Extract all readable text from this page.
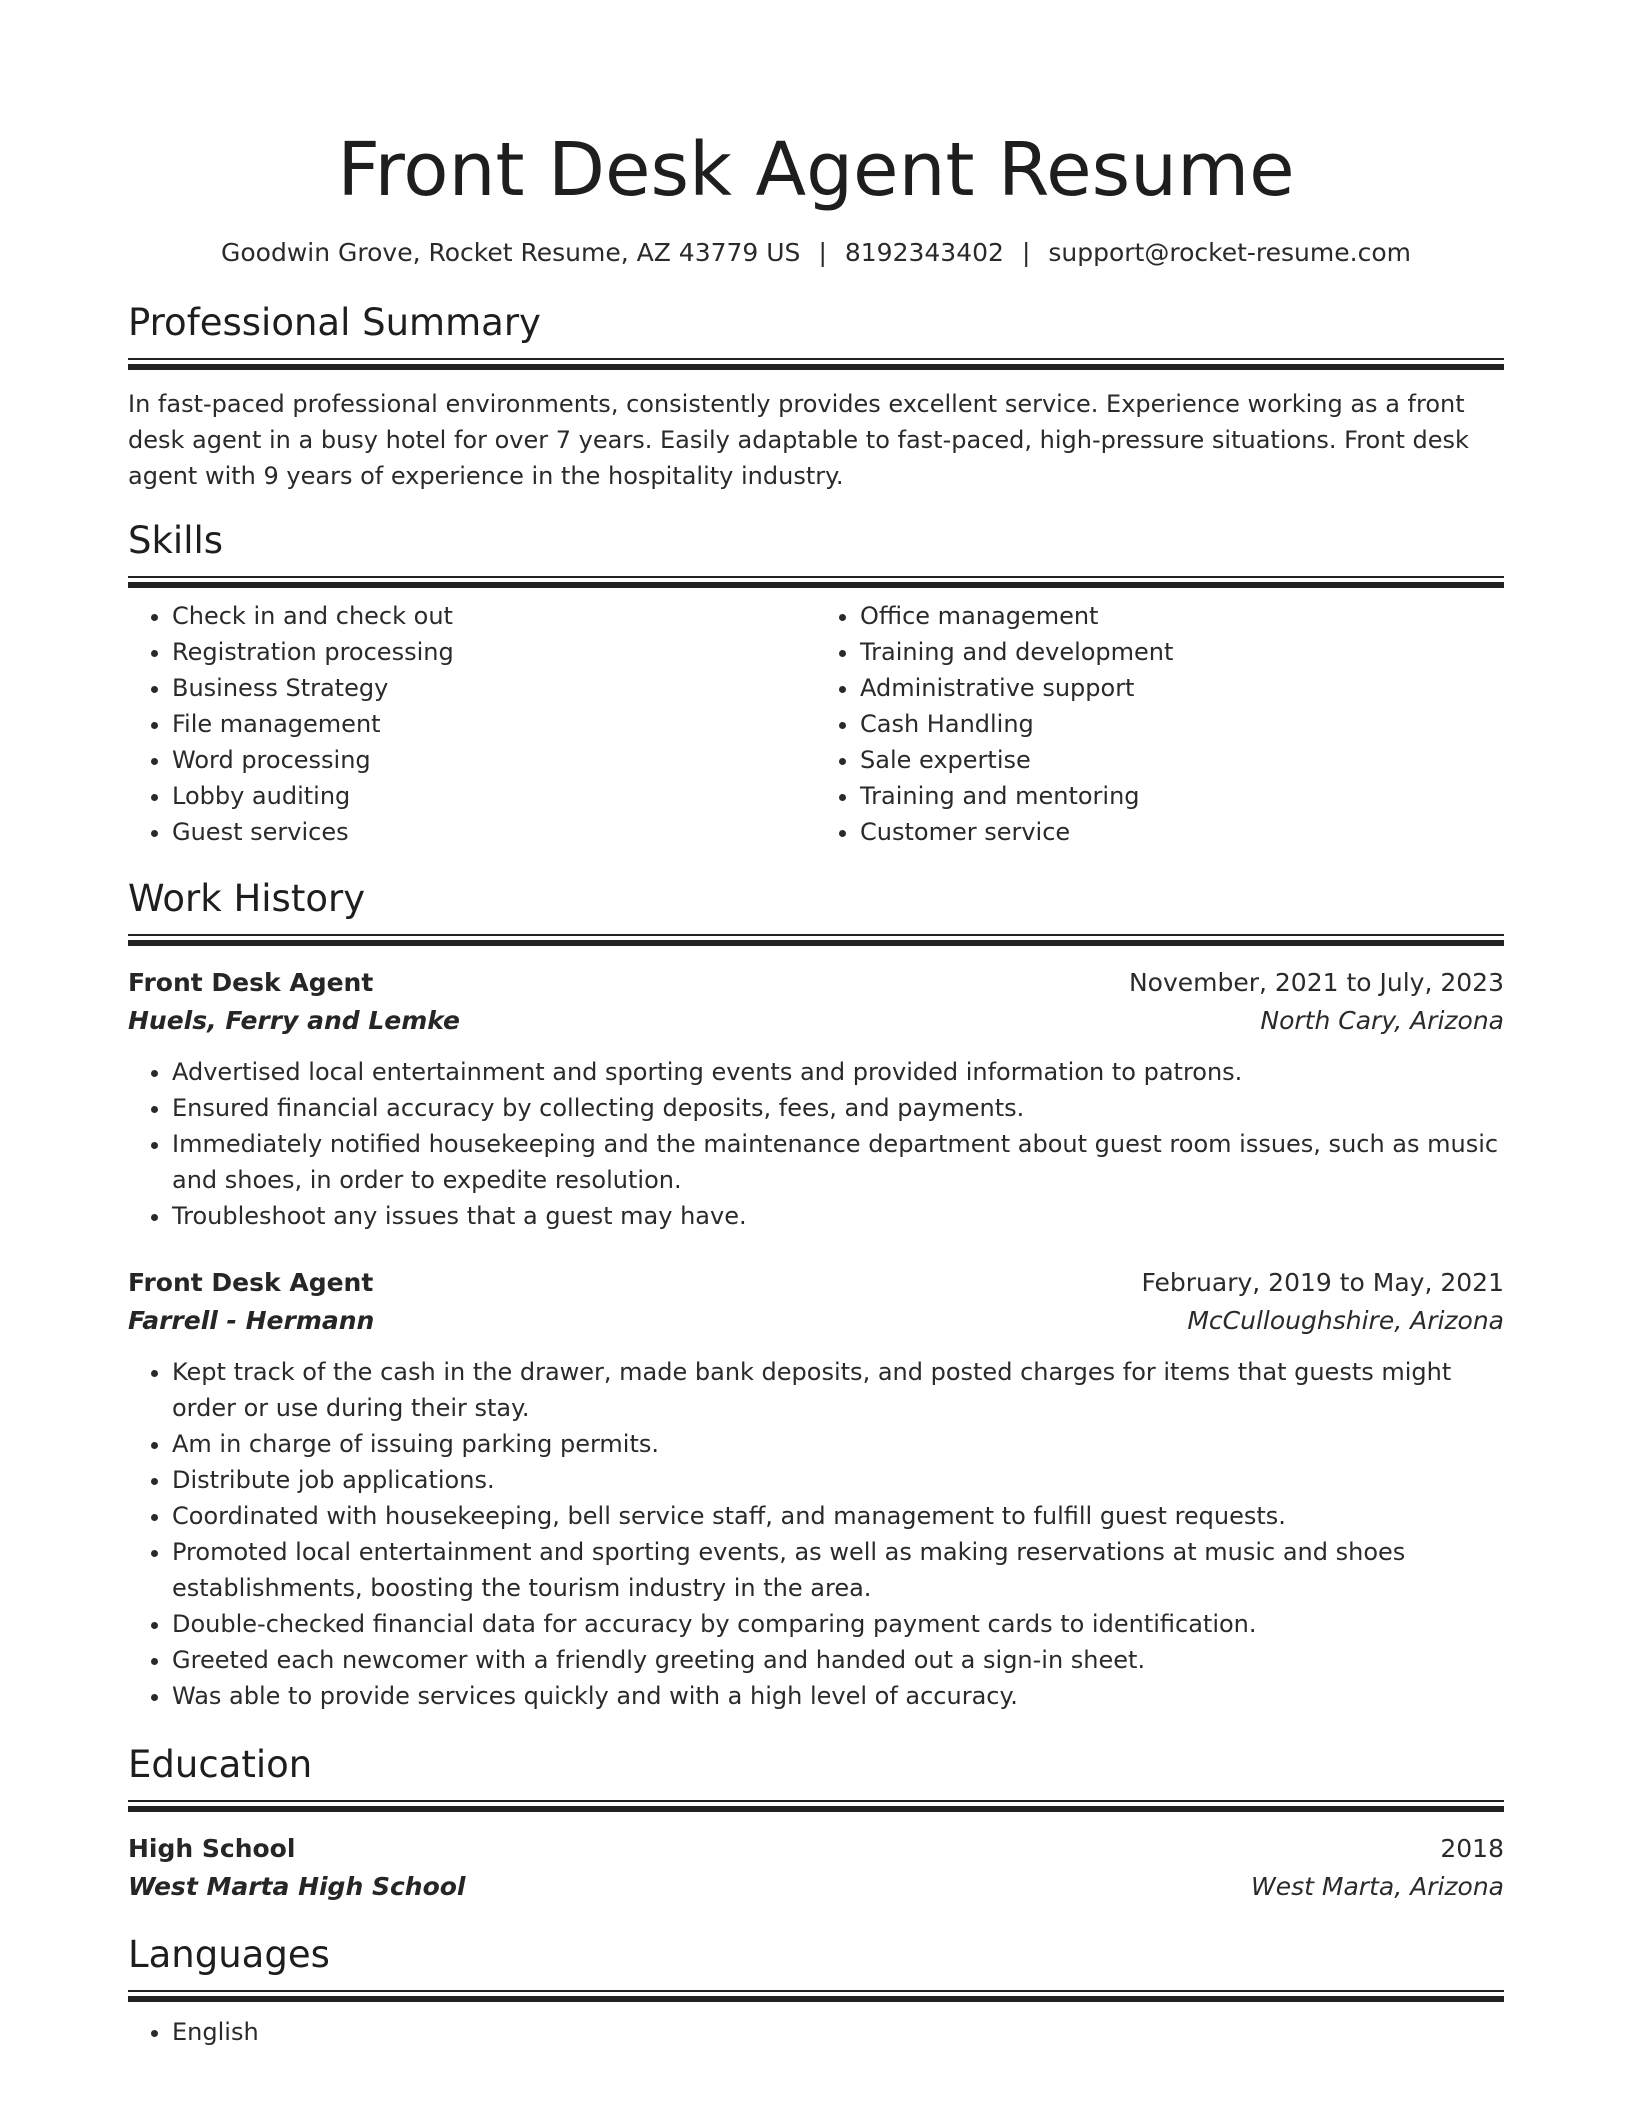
Front Desk Agent Resume
Goodwin Grove, Rocket Resume, AZ 43779 US | 8192343402 | support@rocket-resume.com
Professional Summary
In fast-paced professional environments, consistently provides excellent service. Experience working as a front desk agent in a busy hotel for over 7 years. Easily adaptable to fast-paced, high-pressure situations. Front desk agent with 9 years of experience in the hospitality industry.
Skills
• Check in and check out
• Registration processing
• Business Strategy
• File management
• Word processing
• Lobby auditing
• Guest services
• Office management
• Training and development
• Administrative support
• Cash Handling
• Sale expertise
• Training and mentoring
• Customer service
Work History
Front Desk Agent	November, 2021 to July, 2023
Huels, Ferry and Lemke	North Cary, Arizona
• Advertised local entertainment and sporting events and provided information to patrons.
• Ensured financial accuracy by collecting deposits, fees, and payments.
• Immediately notified housekeeping and the maintenance department about guest room issues, such as music and shoes, in order to expedite resolution.
• Troubleshoot any issues that a guest may have.
Front Desk Agent	February, 2019 to May, 2021
Farrell - Hermann	McCulloughshire, Arizona
• Kept track of the cash in the drawer, made bank deposits, and posted charges for items that guests might order or use during their stay.
• Am in charge of issuing parking permits.
• Distribute job applications.
• Coordinated with housekeeping, bell service staff, and management to fulfill guest requests.
• Promoted local entertainment and sporting events, as well as making reservations at music and shoes establishments, boosting the tourism industry in the area.
• Double-checked financial data for accuracy by comparing payment cards to identification.
• Greeted each newcomer with a friendly greeting and handed out a sign-in sheet.
• Was able to provide services quickly and with a high level of accuracy.
Education
High School	2018
West Marta High School	West Marta, Arizona
Languages
• English
